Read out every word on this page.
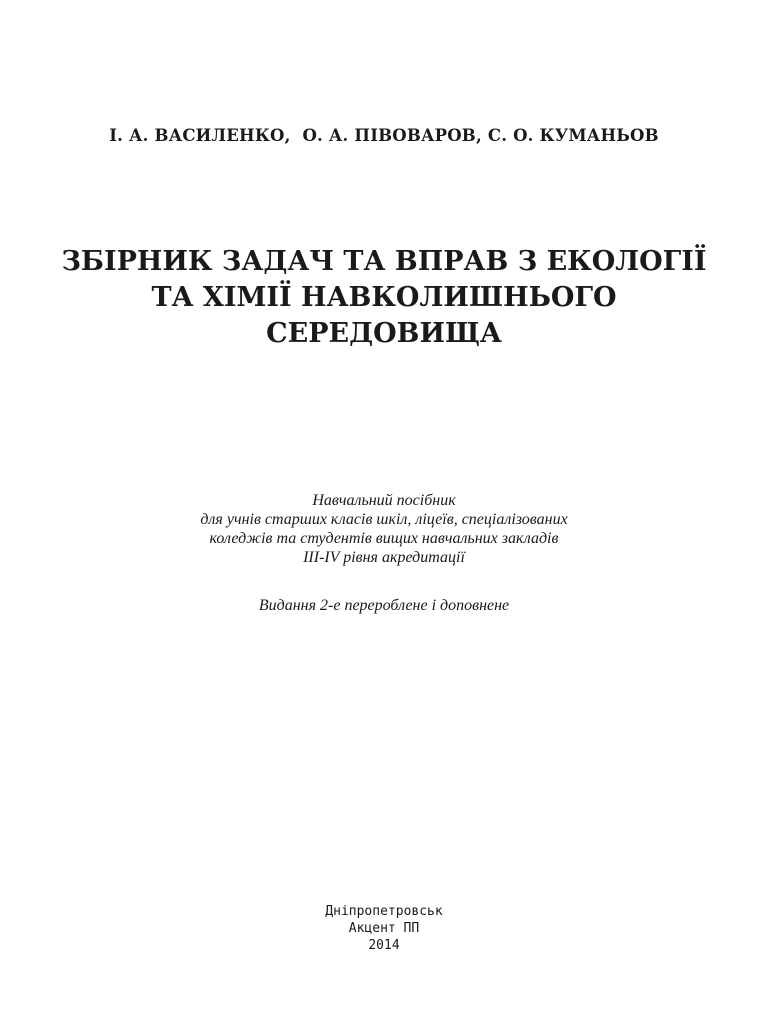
І. А. ВАСИЛЕНКО, О. А. ПІВОВАРОВ, С. О. КУМАНЬОВ
ЗБІРНИК ЗАДАЧ ТА ВПРАВ З ЕКОЛОГІЇ
ТА ХІМІЇ НАВКОЛИШНЬОГО
СЕРЕДОВИЩА
Навчальний посібник
для учнів старших класів шкіл, ліцеїв, спеціалізованих
коледжів та студентів вищих навчальних закладів
ІІІ-ІV рівня акредитації
Видання 2-е перероблене і доповнене
Дніпропетровськ
Акцент ПП
2014
